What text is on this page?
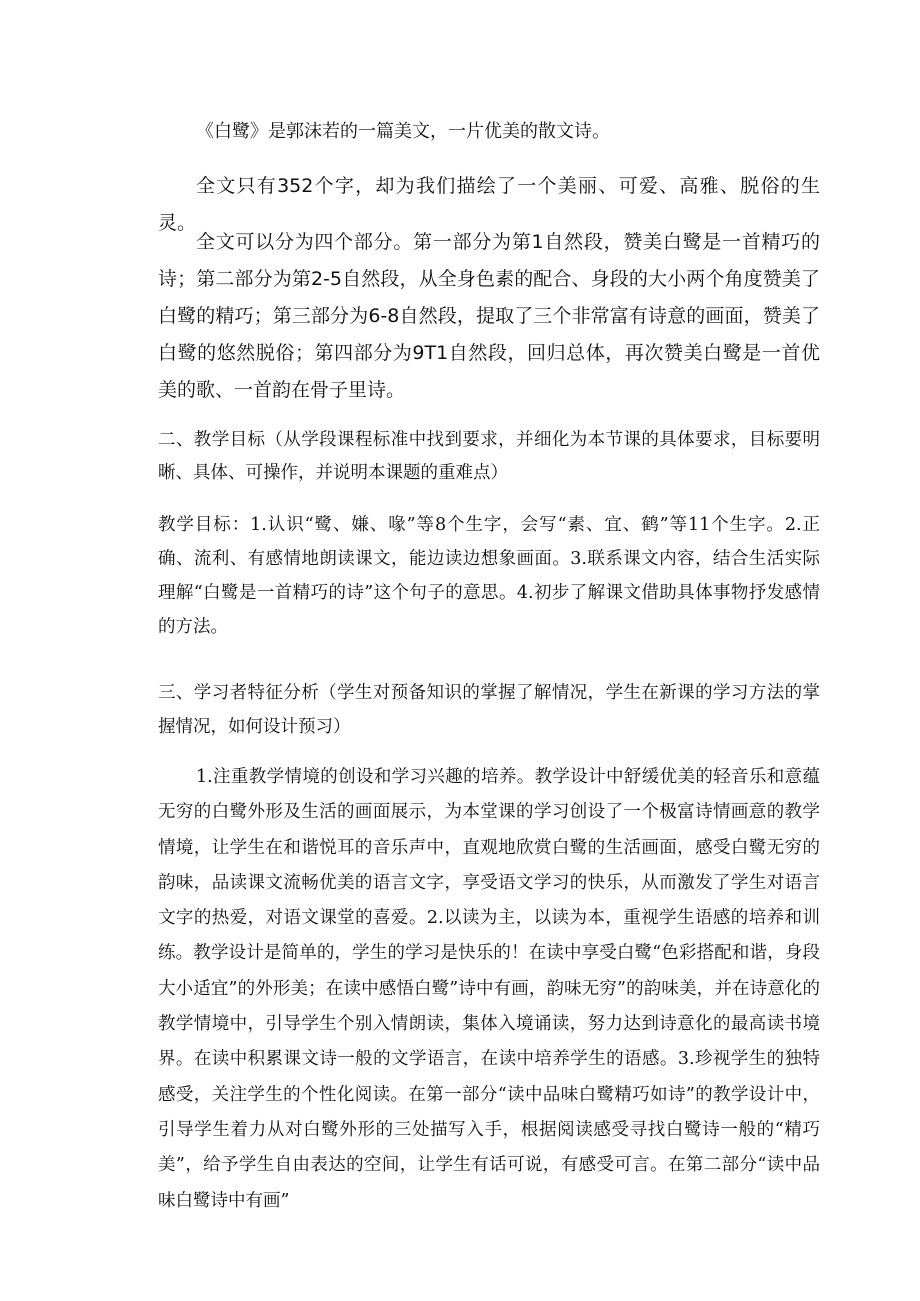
《白鹭》是郭沫若的一篇美文，一片优美的散文诗。

全文只有352个字，却为我们描绘了一个美丽、可爱、高雅、脱俗的生灵。

全文可以分为四个部分。第一部分为第1自然段，赞美白鹭是一首精巧的诗；第二部分为第2-5自然段，从全身色素的配合、身段的大小两个角度赞美了白鹭的精巧；第三部分为6-8自然段，提取了三个非常富有诗意的画面，赞美了白鹭的悠然脱俗；第四部分为9T1自然段，回归总体，再次赞美白鹭是一首优美的歌、一首韵在骨子里诗。

二、教学目标（从学段课程标准中找到要求，并细化为本节课的具体要求，目标要明晰、具体、可操作，并说明本课题的重难点）

教学目标：1.认识“鹭、嫌、喙”等8个生字，会写“素、宜、鹤”等11个生字。2.正确、流利、有感情地朗读课文，能边读边想象画面。3.联系课文内容，结合生活实际理解“白鹭是一首精巧的诗”这个句子的意思。4.初步了解课文借助具体事物抒发感情的方法。

三、学习者特征分析（学生对预备知识的掌握了解情况，学生在新课的学习方法的掌握情况，如何设计预习）

1.注重教学情境的创设和学习兴趣的培养。教学设计中舒缓优美的轻音乐和意蕴无穷的白鹭外形及生活的画面展示，为本堂课的学习创设了一个极富诗情画意的教学情境，让学生在和谐悦耳的音乐声中，直观地欣赏白鹭的生活画面，感受白鹭无穷的韵味，品读课文流畅优美的语言文字，享受语文学习的快乐，从而激发了学生对语言文字的热爱，对语文课堂的喜爱。2.以读为主，以读为本，重视学生语感的培养和训练。教学设计是简单的，学生的学习是快乐的！在读中享受白鹭“色彩搭配和谐，身段大小适宜”的外形美；在读中感悟白鹭”诗中有画，韵味无穷”的韵味美，并在诗意化的教学情境中，引导学生个别入情朗读，集体入境诵读，努力达到诗意化的最高读书境界。在读中积累课文诗一般的文学语言，在读中培养学生的语感。3.珍视学生的独特感受，关注学生的个性化阅读。在第一部分“读中品味白鹭精巧如诗”的教学设计中，引导学生着力从对白鹭外形的三处描写入手，根据阅读感受寻找白鹭诗一般的“精巧美”，给予学生自由表达的空间，让学生有话可说，有感受可言。在第二部分“读中品味白鹭诗中有画”
